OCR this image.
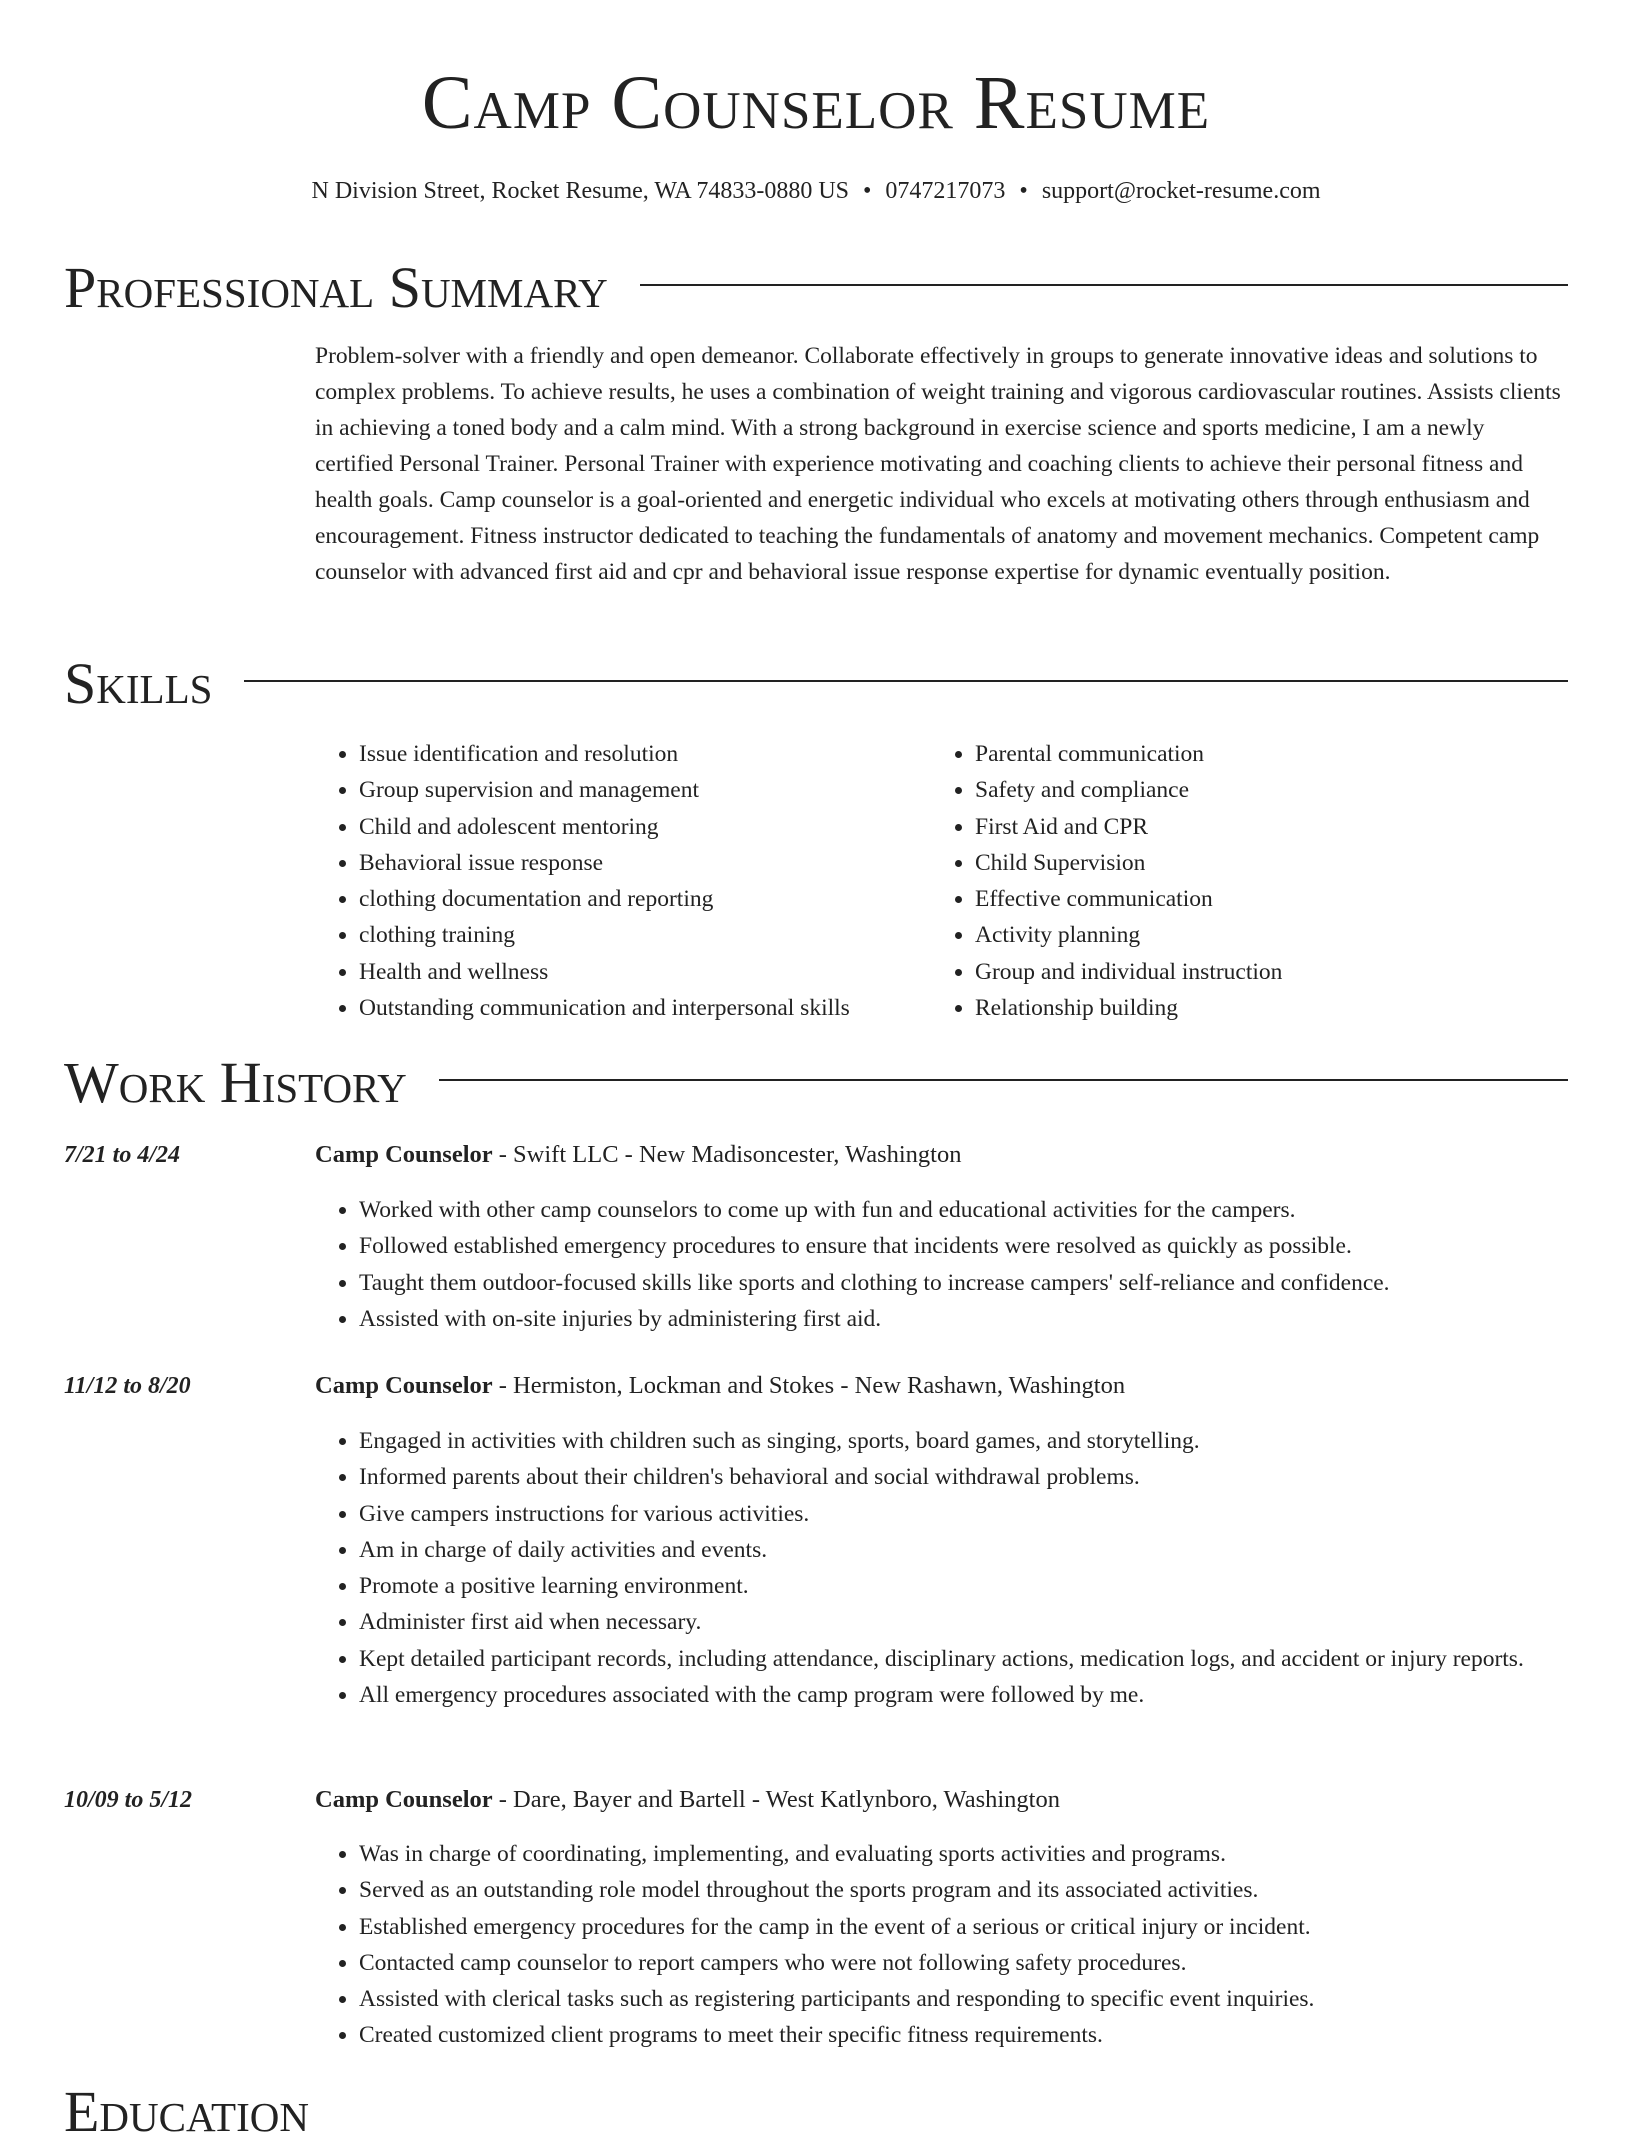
Camp Counselor Resume
N Division Street, Rocket Resume, WA 74833-0880 US • 0747217073 • support@rocket-resume.com
Professional Summary

Problem-solver with a friendly and open demeanor. Collaborate effectively in groups to generate innovative ideas and solutions to complex problems. To achieve results, he uses a combination of weight training and vigorous cardiovascular routines. Assists clients in achieving a toned body and a calm mind. With a strong background in exercise science and sports medicine, I am a newly certified Personal Trainer. Personal Trainer with experience motivating and coaching clients to achieve their personal fitness and health goals. Camp counselor is a goal-oriented and energetic individual who excels at motivating others through enthusiasm and encouragement. Fitness instructor dedicated to teaching the fundamentals of anatomy and movement mechanics. Competent camp counselor with advanced first aid and cpr and behavioral issue response expertise for dynamic eventually position.

Skills
• Issue identification and resolution
• Group supervision and management
• Child and adolescent mentoring
• Behavioral issue response
• clothing documentation and reporting
• clothing training
• Health and wellness
• Outstanding communication and interpersonal skills
• Parental communication
• Safety and compliance
• First Aid and CPR
• Child Supervision
• Effective communication
• Activity planning
• Group and individual instruction
• Relationship building
Work History
7/21 to 4/24	Camp Counselor - Swift LLC - New Madisoncester, Washington
• Worked with other camp counselors to come up with fun and educational activities for the campers.
• Followed established emergency procedures to ensure that incidents were resolved as quickly as possible.
• Taught them outdoor-focused skills like sports and clothing to increase campers' self-reliance and confidence.
• Assisted with on-site injuries by administering first aid.
11/12 to 8/20	Camp Counselor - Hermiston, Lockman and Stokes - New Rashawn, Washington
• Engaged in activities with children such as singing, sports, board games, and storytelling.
• Informed parents about their children's behavioral and social withdrawal problems.
• Give campers instructions for various activities.
• Am in charge of daily activities and events.
• Promote a positive learning environment.
• Administer first aid when necessary.
• Kept detailed participant records, including attendance, disciplinary actions, medication logs, and accident or injury reports.
• All emergency procedures associated with the camp program were followed by me.
10/09 to 5/12	Camp Counselor - Dare, Bayer and Bartell - West Katlynboro, Washington
• Was in charge of coordinating, implementing, and evaluating sports activities and programs.
• Served as an outstanding role model throughout the sports program and its associated activities.
• Established emergency procedures for the camp in the event of a serious or critical injury or incident.
• Contacted camp counselor to report campers who were not following safety procedures.
• Assisted with clerical tasks such as registering participants and responding to specific event inquiries.
• Created customized client programs to meet their specific fitness requirements.
Education
